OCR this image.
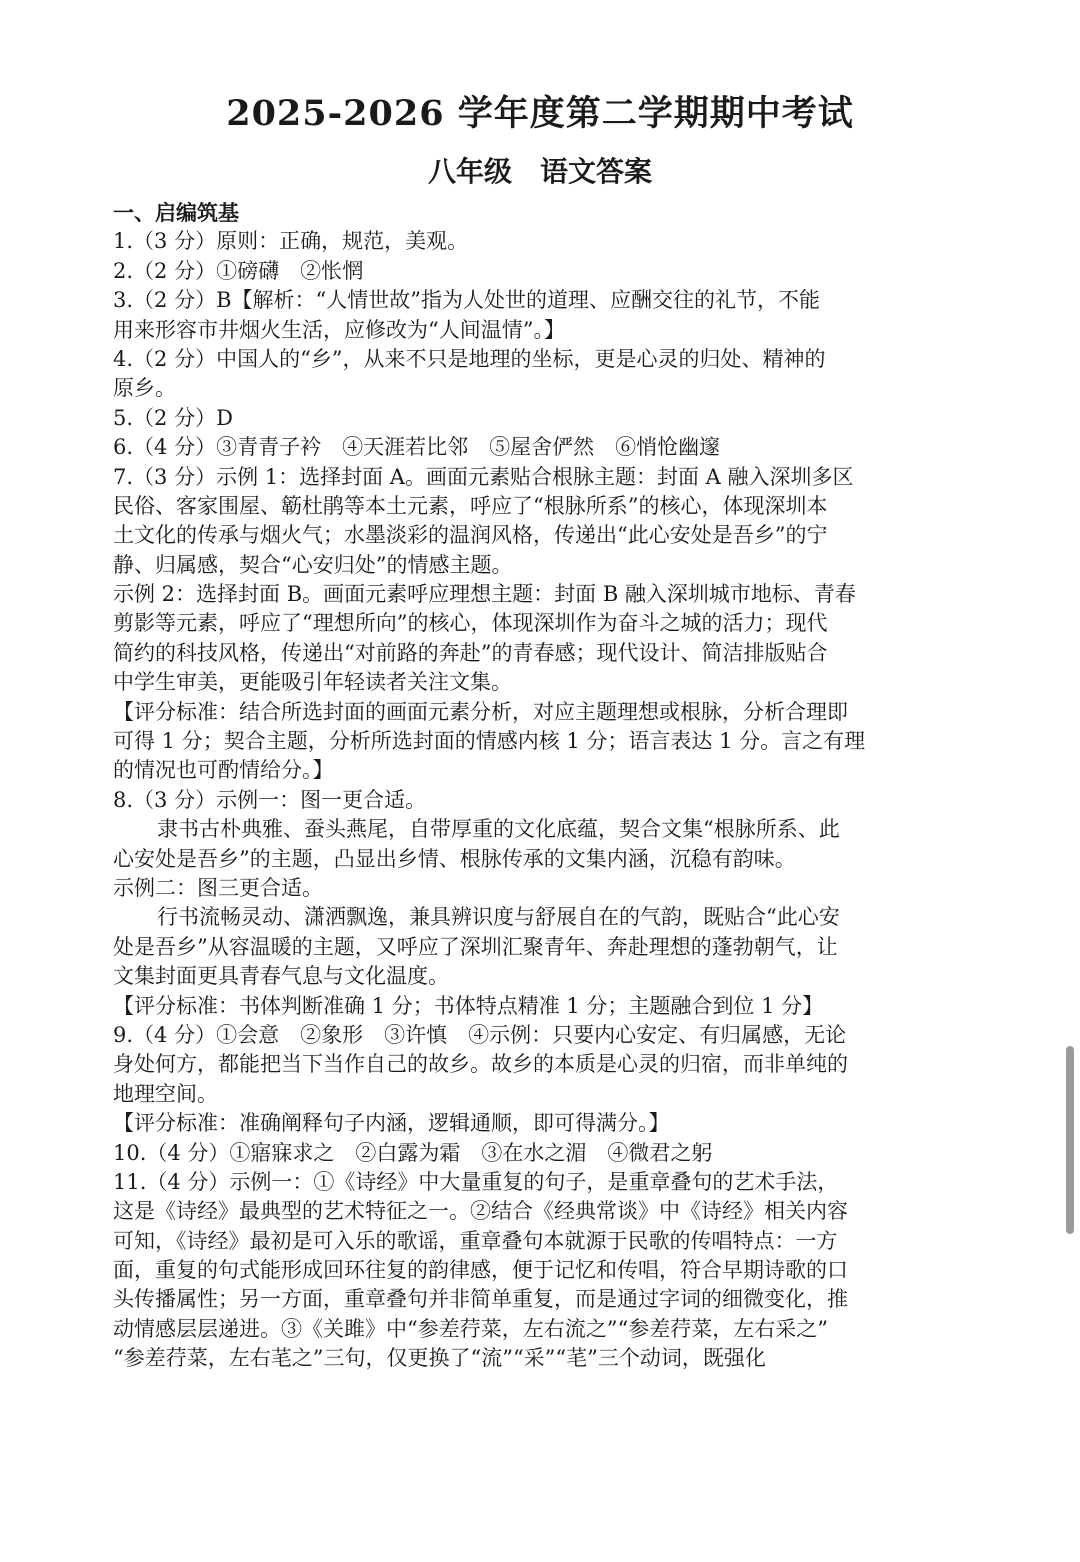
2025-2026 学年度第二学期期中考试
八年级　语文答案
一、启编筑基
1.（3 分）原则：正确，规范，美观。
2.（2 分）①磅礴　②怅惘
3.（2 分）B【解析：“人情世故”指为人处世的道理、应酬交往的礼节，不能
用来形容市井烟火生活，应修改为“人间温情”。】
4.（2 分）中国人的“乡”，从来不只是地理的坐标，更是心灵的归处、精神的
原乡。
5.（2 分）D
6.（4 分）③青青子衿　④天涯若比邻　⑤屋舍俨然　⑥悄怆幽邃
7.（3 分）示例 1：选择封面 A。画面元素贴合根脉主题：封面 A 融入深圳多区
民俗、客家围屋、簕杜鹃等本土元素，呼应了“根脉所系”的核心，体现深圳本
土文化的传承与烟火气；水墨淡彩的温润风格，传递出“此心安处是吾乡”的宁
静、归属感，契合“心安归处”的情感主题。
示例 2：选择封面 B。画面元素呼应理想主题：封面 B 融入深圳城市地标、青春
剪影等元素，呼应了“理想所向”的核心，体现深圳作为奋斗之城的活力；现代
简约的科技风格，传递出“对前路的奔赴”的青春感；现代设计、简洁排版贴合
中学生审美，更能吸引年轻读者关注文集。
【评分标准：结合所选封面的画面元素分析，对应主题理想或根脉，分析合理即
可得 1 分；契合主题，分析所选封面的情感内核 1 分；语言表达 1 分。言之有理
的情况也可酌情给分。】
8.（3 分）示例一：图一更合适。
隶书古朴典雅、蚕头燕尾，自带厚重的文化底蕴，契合文集“根脉所系、此
心安处是吾乡”的主题，凸显出乡情、根脉传承的文集内涵，沉稳有韵味。
示例二：图三更合适。
行书流畅灵动、潇洒飘逸，兼具辨识度与舒展自在的气韵，既贴合“此心安
处是吾乡”从容温暖的主题，又呼应了深圳汇聚青年、奔赴理想的蓬勃朝气，让
文集封面更具青春气息与文化温度。
【评分标准：书体判断准确 1 分；书体特点精准 1 分；主题融合到位 1 分】
9.（4 分）①会意　②象形　③许慎　④示例：只要内心安定、有归属感，无论
身处何方，都能把当下当作自己的故乡。故乡的本质是心灵的归宿，而非单纯的
地理空间。
【评分标准：准确阐释句子内涵，逻辑通顺，即可得满分。】
10.（4 分）①寤寐求之　②白露为霜　③在水之湄　④微君之躬
11.（4 分）示例一：①《诗经》中大量重复的句子，是重章叠句的艺术手法，
这是《诗经》最典型的艺术特征之一。②结合《经典常谈》中《诗经》相关内容
可知，《诗经》最初是可入乐的歌谣，重章叠句本就源于民歌的传唱特点：一方
面，重复的句式能形成回环往复的韵律感，便于记忆和传唱，符合早期诗歌的口
头传播属性；另一方面，重章叠句并非简单重复，而是通过字词的细微变化，推
动情感层层递进。③《关雎》中“参差荇菜，左右流之”“参差荇菜，左右采之”
“参差荇菜，左右芼之”三句，仅更换了“流”“采”“芼”三个动词，既强化
